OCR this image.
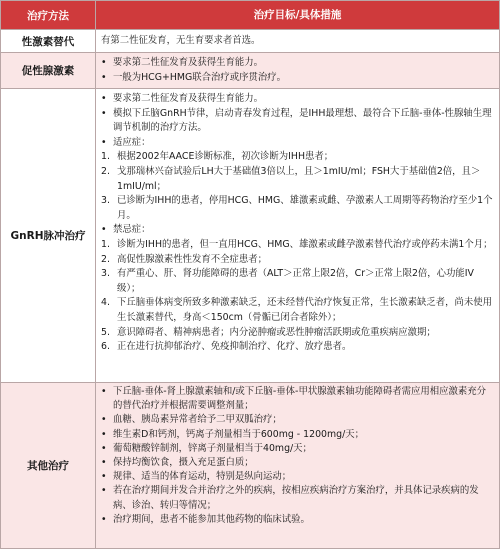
治疗方法	治疗目标/具体措施
性激素替代	有第二性征发育，无生育要求者首选。
促性腺激素
• 要求第二性征发育及获得生育能力。
• 一般为HCG+HMG联合治疗或序贯治疗。
GnRH脉冲治疗
• 要求第二性征发育及获得生育能力。
• 模拟下丘脑GnRH节律，启动青春发育过程，是IHH最理想、最符合下丘脑-垂体-性腺轴生理调节机制的治疗方法。
• 适应症：
1. 根据2002年AACE诊断标准，初次诊断为IHH患者；
2. 戈那瑞林兴奋试验后LH大于基础值3倍以上，且＞1mIU/ml；FSH大于基础值2倍，且＞1mIU/ml；
3. 已诊断为IHH的患者，停用HCG、HMG、雄激素或雌、孕激素人工周期等药物治疗至少1个月。
• 禁忌症：
1. 诊断为IHH的患者，但一直用HCG、HMG、雄激素或雌孕激素替代治疗或停药未满1个月；
2. 高促性腺激素性性发育不全症患者；
3. 有严重心、肝、肾功能障碍的患者（ALT＞正常上限2倍，Cr＞正常上限2倍，心功能IV级）；
4. 下丘脑垂体病变所致多种激素缺乏，还未经替代治疗恢复正常，生长激素缺乏者，尚未使用生长激素替代，身高＜150cm（骨骺已闭合者除外）；
5. 意识障碍者、精神病患者；内分泌肿瘤或恶性肿瘤活跃期或危重疾病应激期；
6. 正在进行抗抑郁治疗、免疫抑制治疗、化疗、放疗患者。
其他治疗
• 下丘脑-垂体-肾上腺激素轴和/或下丘脑-垂体-甲状腺激素轴功能障碍者需应用相应激素充分的替代治疗并根据需要调整剂量；
• 血糖、胰岛素异常者给予二甲双胍治疗；
• 维生素D和钙剂，钙离子剂量相当于600mg - 1200mg/天；
• 葡萄糖酸锌制剂，锌离子剂量相当于40mg/天；
• 保持均衡饮食，摄入充足蛋白质；
• 规律、适当的体育运动，特别是纵向运动；
• 若在治疗期间并发合并治疗之外的疾病，按相应疾病治疗方案治疗，并具体记录疾病的发病、诊治、转归等情况；
• 治疗期间，患者不能参加其他药物的临床试验。
